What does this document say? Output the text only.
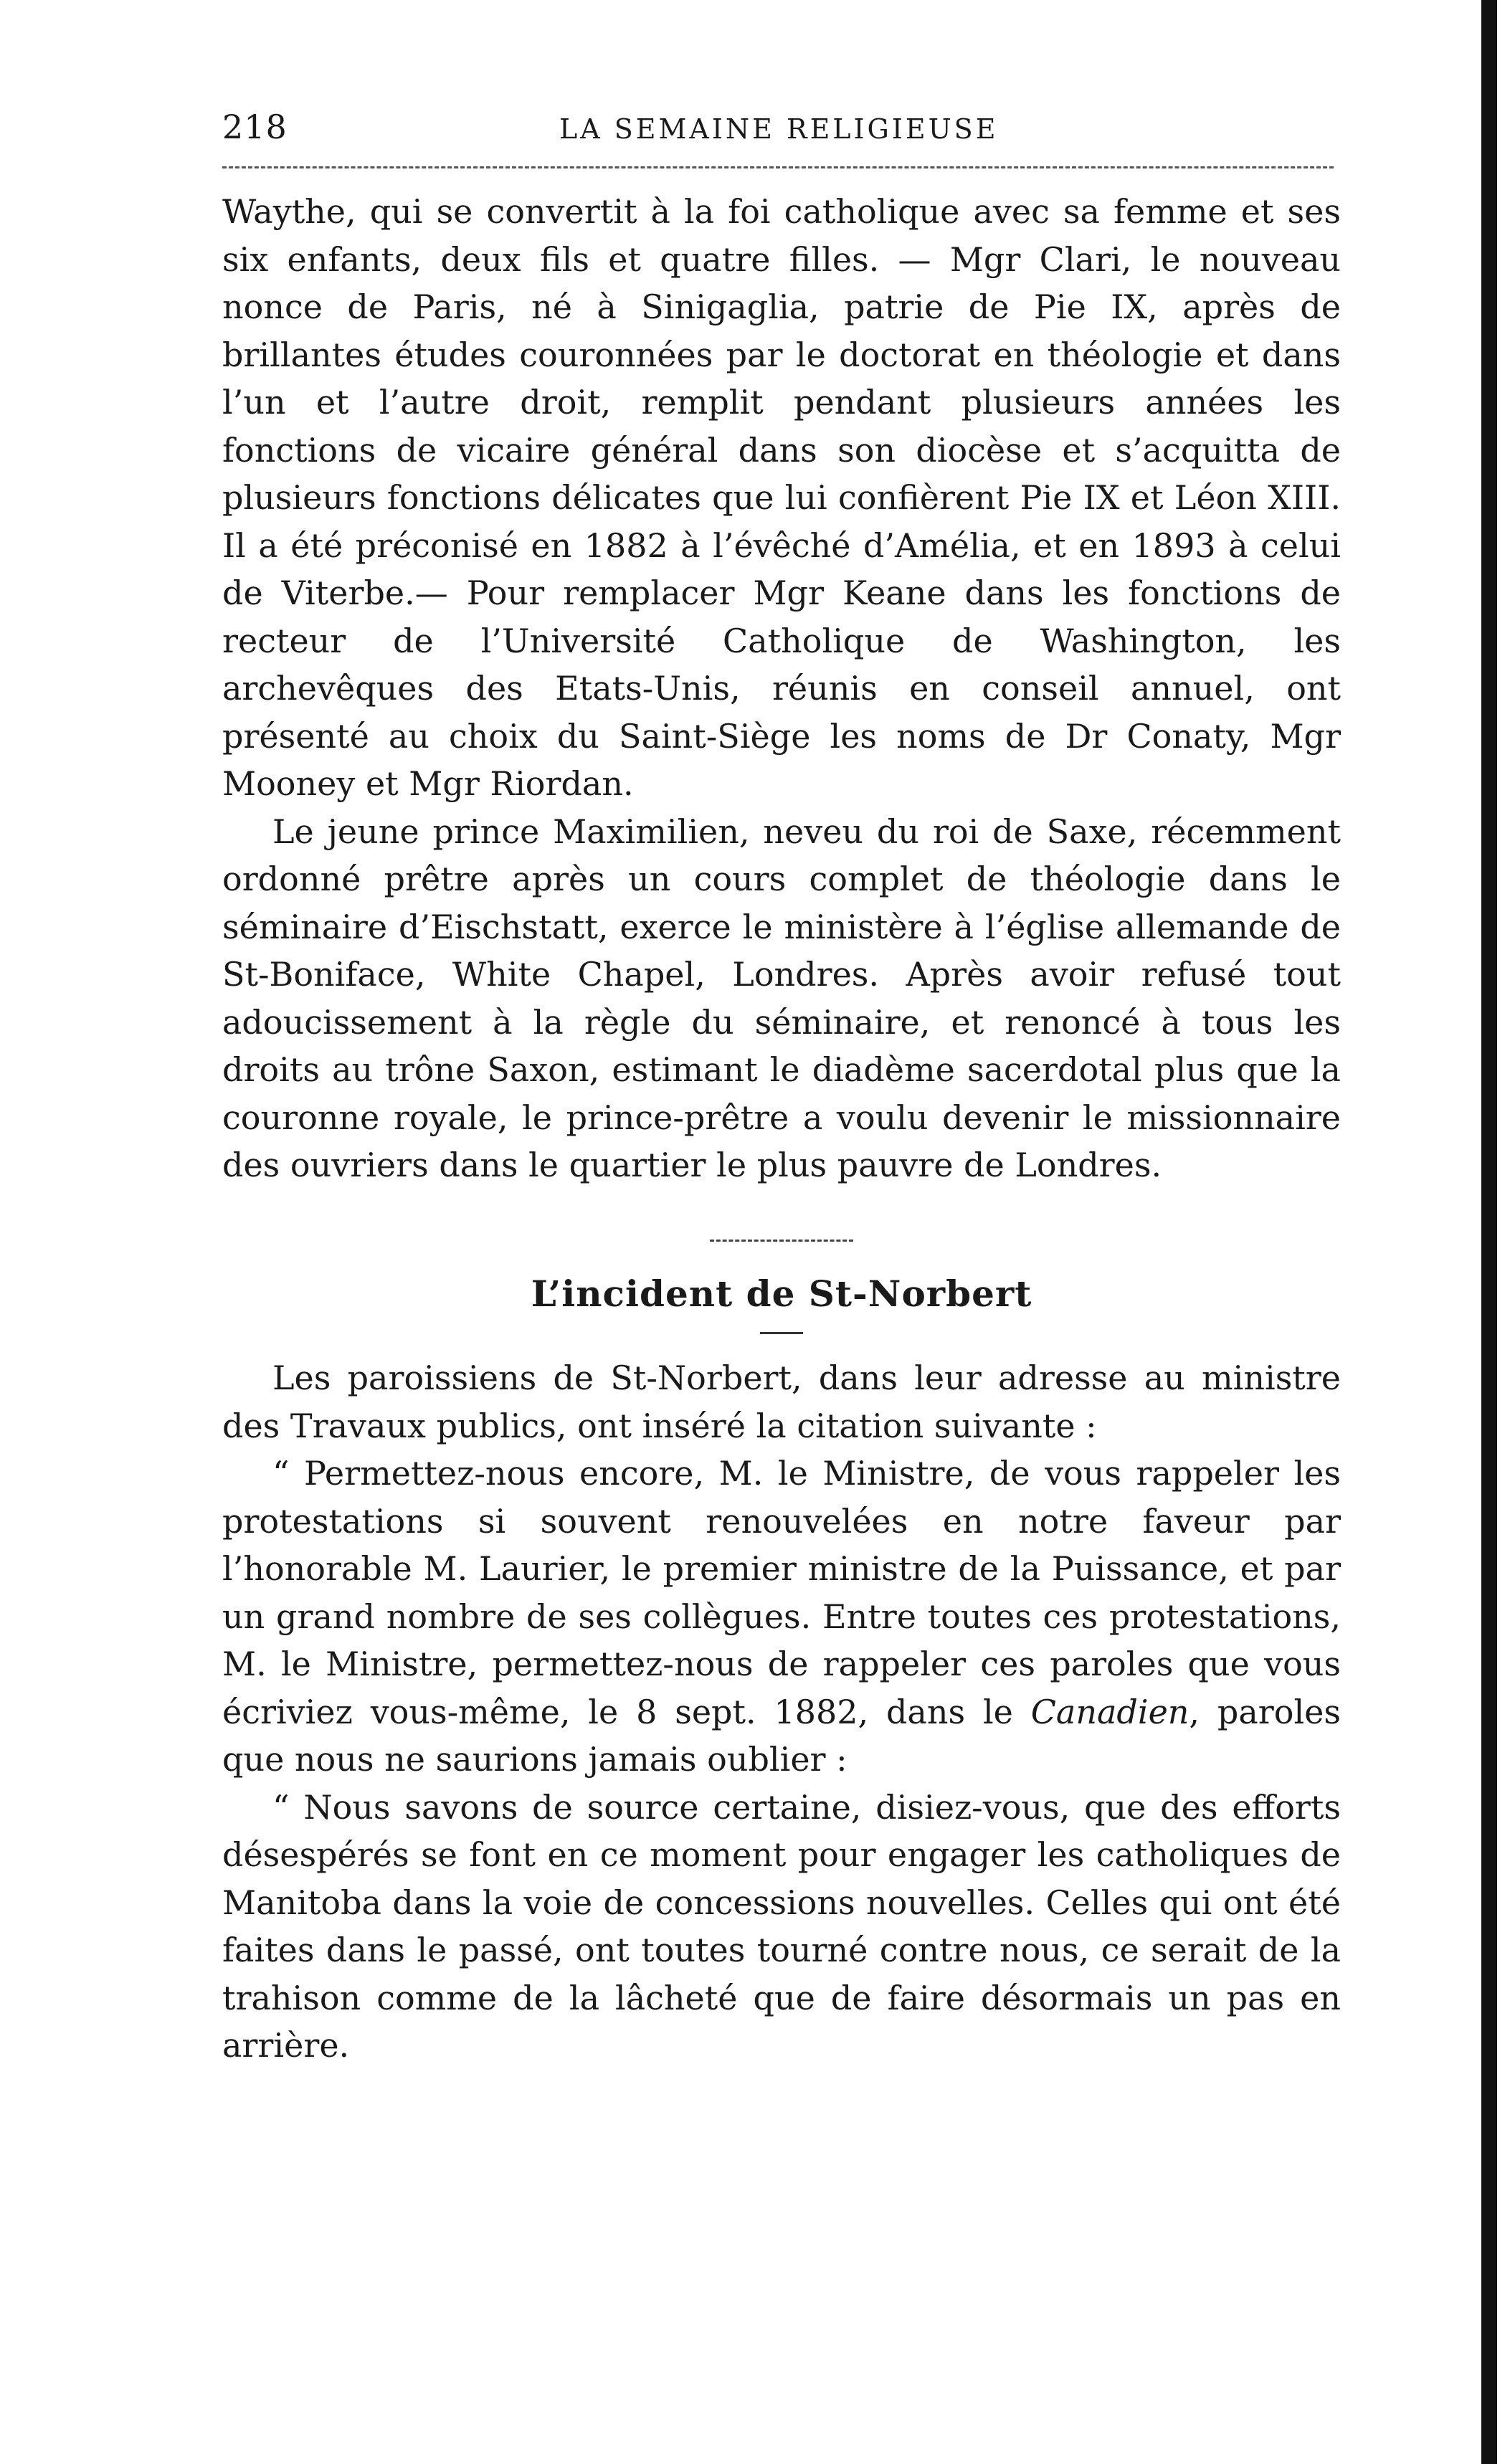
218	LA SEMAINE RELIGIEUSE

Waythe, qui se convertit à la foi catholique avec sa femme et ses six enfants, deux fils et quatre filles. — Mgr Clari, le nouveau nonce de Paris, né à Sinigaglia, patrie de Pie IX, après de brillantes études couronnées par le doctorat en théologie et dans l’un et l’autre droit, remplit pendant plusieurs années les fonctions de vicaire général dans son diocèse et s’acquitta de plusieurs fonctions délicates que lui confièrent Pie IX et Léon XIII. Il a été préconisé en 1882 à l’évêché d’Amélia, et en 1893 à celui de Viterbe.— Pour remplacer Mgr Keane dans les fonctions de recteur de l’Université Catholique de Washington, les archevêques des Etats-Unis, réunis en conseil annuel, ont présenté au choix du Saint-Siège les noms de Dr Conaty, Mgr Mooney et Mgr Riordan.

Le jeune prince Maximilien, neveu du roi de Saxe, récemment ordonné prêtre après un cours complet de théologie dans le séminaire d’Eischstatt, exerce le ministère à l’église allemande de St-Boniface, White Chapel, Londres. Après avoir refusé tout adoucissement à la règle du séminaire, et renoncé à tous les droits au trône Saxon, estimant le diadème sacerdotal plus que la couronne royale, le prince-prêtre a voulu devenir le missionnaire des ouvriers dans le quartier le plus pauvre de Londres.

L’incident de St-Norbert

Les paroissiens de St-Norbert, dans leur adresse au ministre des Travaux publics, ont inséré la citation suivante :

“ Permettez-nous encore, M. le Ministre, de vous rappeler les protestations si souvent renouvelées en notre faveur par l’honorable M. Laurier, le premier ministre de la Puissance, et par un grand nombre de ses collègues. Entre toutes ces protestations, M. le Ministre, permettez-nous de rappeler ces paroles que vous écriviez vous-même, le 8 sept. 1882, dans le Canadien, paroles que nous ne saurions jamais oublier :

“ Nous savons de source certaine, disiez-vous, que des efforts désespérés se font en ce moment pour engager les catholiques de Manitoba dans la voie de concessions nouvelles. Celles qui ont été faites dans le passé, ont toutes tourné contre nous, ce serait de la trahison comme de la lâcheté que de faire désormais un pas en arrière.
